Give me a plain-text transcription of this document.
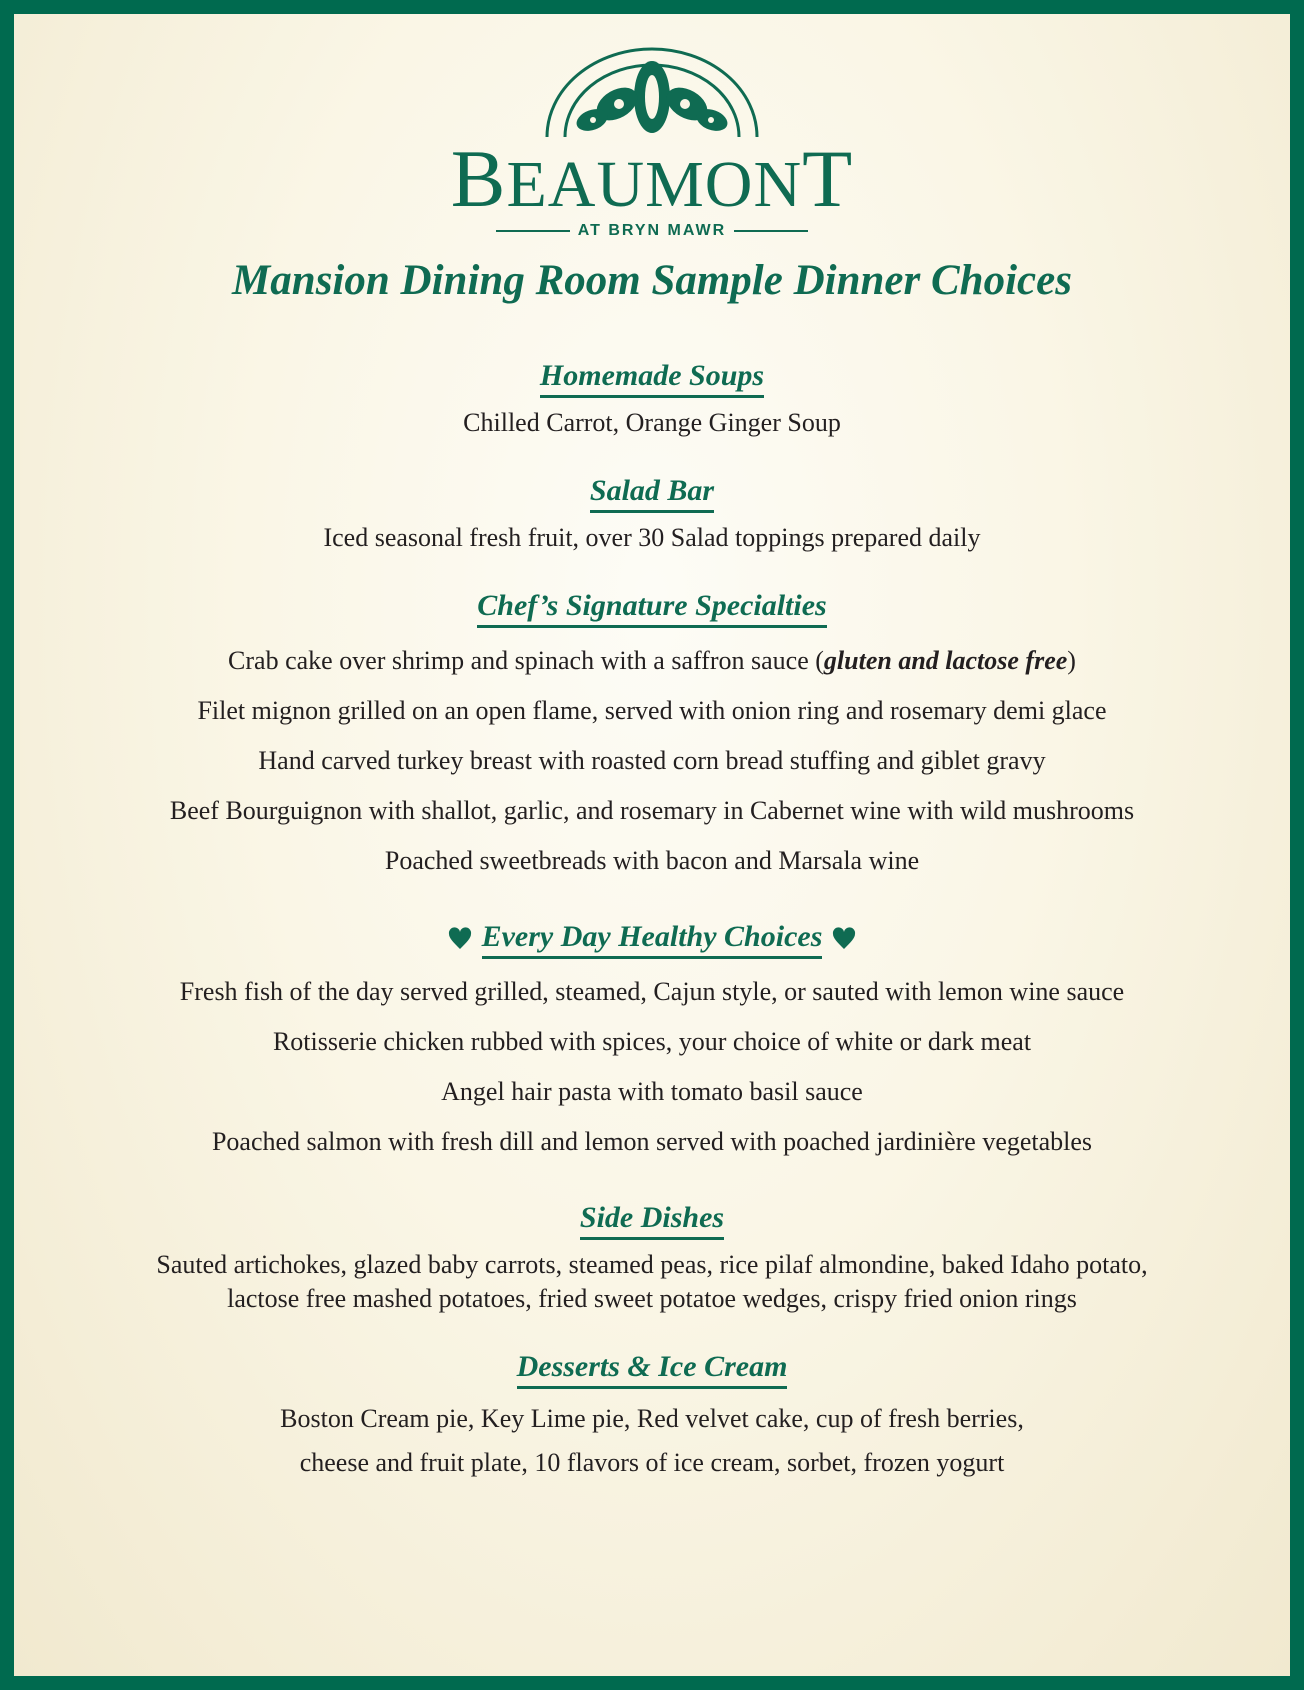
BEAUMONT
AT BRYN MAWR
Mansion Dining Room Sample Dinner Choices
Homemade Soups
Chilled Carrot, Orange Ginger Soup
Salad Bar
Iced seasonal fresh fruit, over 30 Salad toppings prepared daily
Chef’s Signature Specialties
Crab cake over shrimp and spinach with a saffron sauce (gluten and lactose free)
Filet mignon grilled on an open flame, served with onion ring and rosemary demi glace
Hand carved turkey breast with roasted corn bread stuffing and giblet gravy
Beef Bourguignon with shallot, garlic, and rosemary in Cabernet wine with wild mushrooms
Poached sweetbreads with bacon and Marsala wine
Every Day Healthy Choices
Fresh fish of the day served grilled, steamed, Cajun style, or sauted with lemon wine sauce
Rotisserie chicken rubbed with spices, your choice of white or dark meat
Angel hair pasta with tomato basil sauce
Poached salmon with fresh dill and lemon served with poached jardinière vegetables
Side Dishes
Sauted artichokes, glazed baby carrots, steamed peas, rice pilaf almondine, baked Idaho potato,
lactose free mashed potatoes, fried sweet potatoe wedges, crispy fried onion rings
Desserts & Ice Cream
Boston Cream pie, Key Lime pie, Red velvet cake, cup of fresh berries,
cheese and fruit plate, 10 flavors of ice cream, sorbet, frozen yogurt
